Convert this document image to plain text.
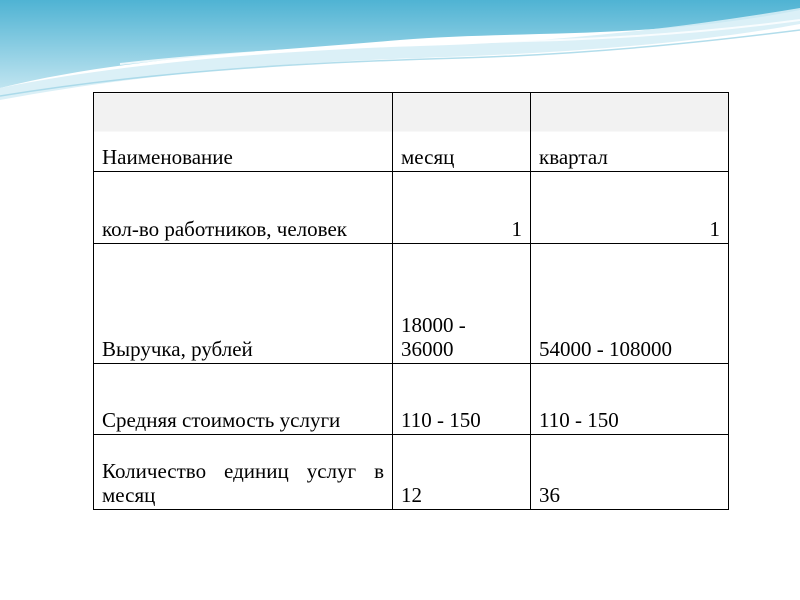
Наименование	месяц	квартал

кол-во работников, человек	1	1

Выручка, рублей	18000 - 36000	54000 - 108000

Средняя стоимость услуги	110 - 150	110 - 150

Количество единиц услуг в месяц	12	36
